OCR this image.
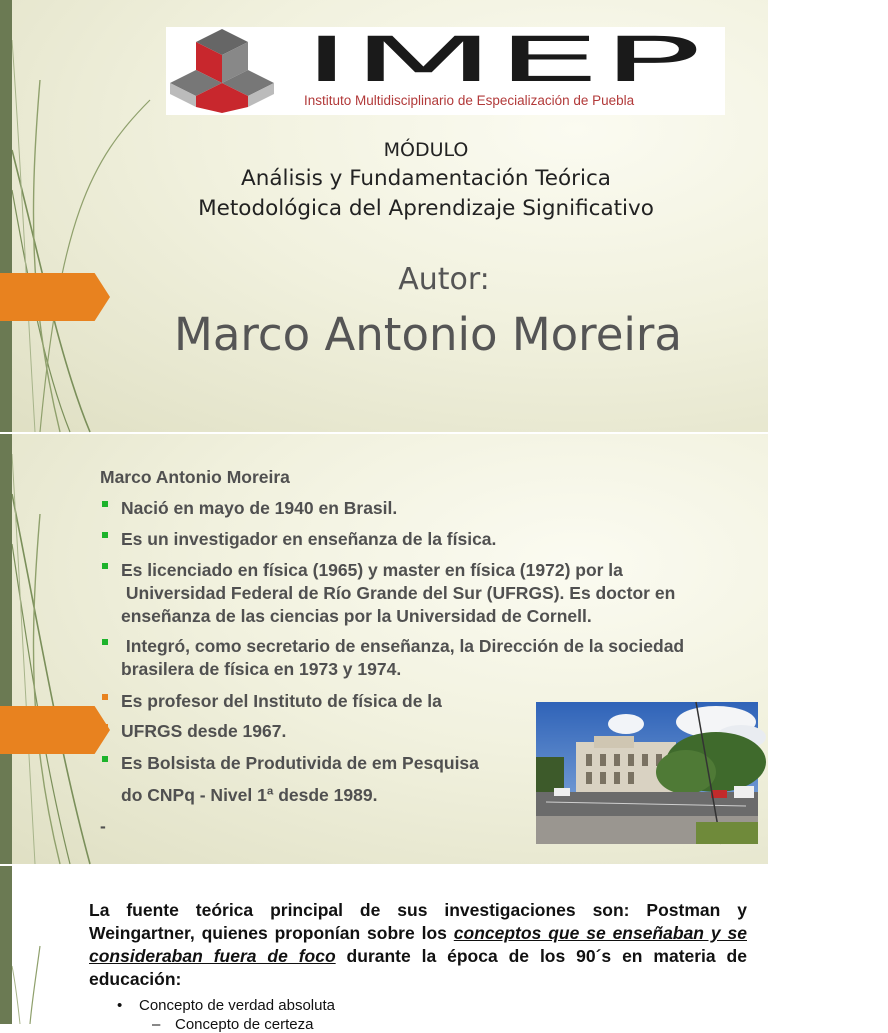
IMEP
Instituto Multidisciplinario de Especialización de Puebla
MÓDULO
Análisis y Fundamentación Teórica
Metodológica del Aprendizaje Significativo
Autor:
Marco Antonio Moreira
Marco Antonio Moreira
Nació en mayo de 1940 en Brasil.
Es un investigador en enseñanza de la física.
Es licenciado en física (1965) y master en física (1972) por la
Universidad Federal de Río Grande del Sur (UFRGS). Es doctor en
enseñanza de las ciencias por la Universidad de Cornell.
Integró, como secretario de enseñanza, la Dirección de la sociedad
brasilera de física en 1973 y 1974.
Es profesor del Instituto de física de la
UFRGS desde 1967.
Es Bolsista de Produtivida de em Pesquisa
do CNPq - Nivel 1ª desde 1989.
-
La fuente teórica principal de sus investigaciones son: Postman y Weingartner, quienes proponían sobre los conceptos que se enseñaban y se consideraban fuera de foco durante la época de los 90´s en materia de educación:
• Concepto de verdad absoluta
– Concepto de certeza
